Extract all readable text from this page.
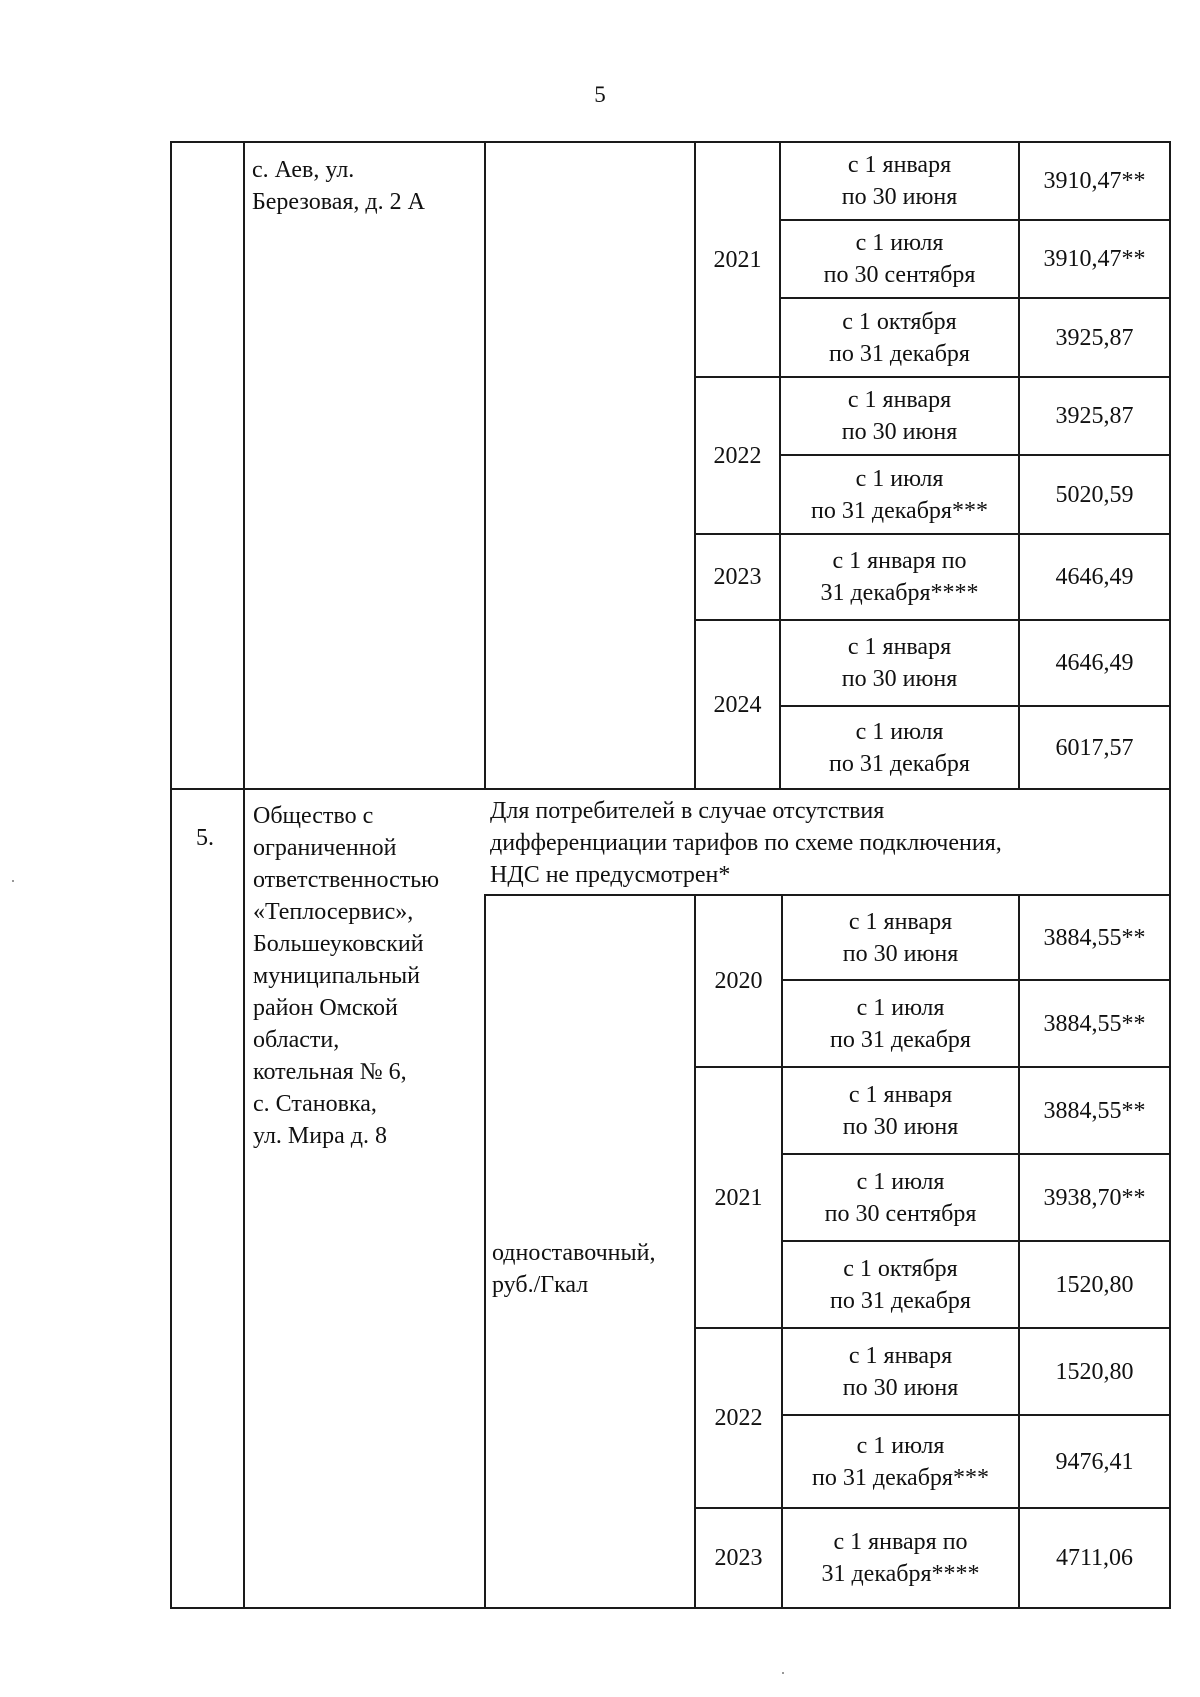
5
с. Аев, ул.
Березовая, д. 2 А
2021
2022
2023
2024
с 1 января
по 30 июня
3910,47**
с 1 июля
по 30 сентября
3910,47**
с 1 октября
по 31 декабря
3925,87
с 1 января
по 30 июня
3925,87
с 1 июля
по 31 декабря***
5020,59
с 1 января по
31 декабря****
4646,49
с 1 января
по 30 июня
4646,49
с 1 июля
по 31 декабря
6017,57
5.
Общество с
ограниченной
ответственностью
«Теплосервис»,
Большеуковский
муниципальный
район Омской
области,
котельная № 6,
с. Становка,
ул. Мира д. 8
Для потребителей в случае отсутствия
дифференциации тарифов по схеме подключения,
НДС не предусмотрен*
одноставочный,
руб./Гкал
2020
2021
2022
2023
с 1 января
по 30 июня
3884,55**
с 1 июля
по 31 декабря
3884,55**
с 1 января
по 30 июня
3884,55**
с 1 июля
по 30 сентября
3938,70**
с 1 октября
по 31 декабря
1520,80
с 1 января
по 30 июня
1520,80
с 1 июля
по 31 декабря***
9476,41
с 1 января по
31 декабря****
4711,06
